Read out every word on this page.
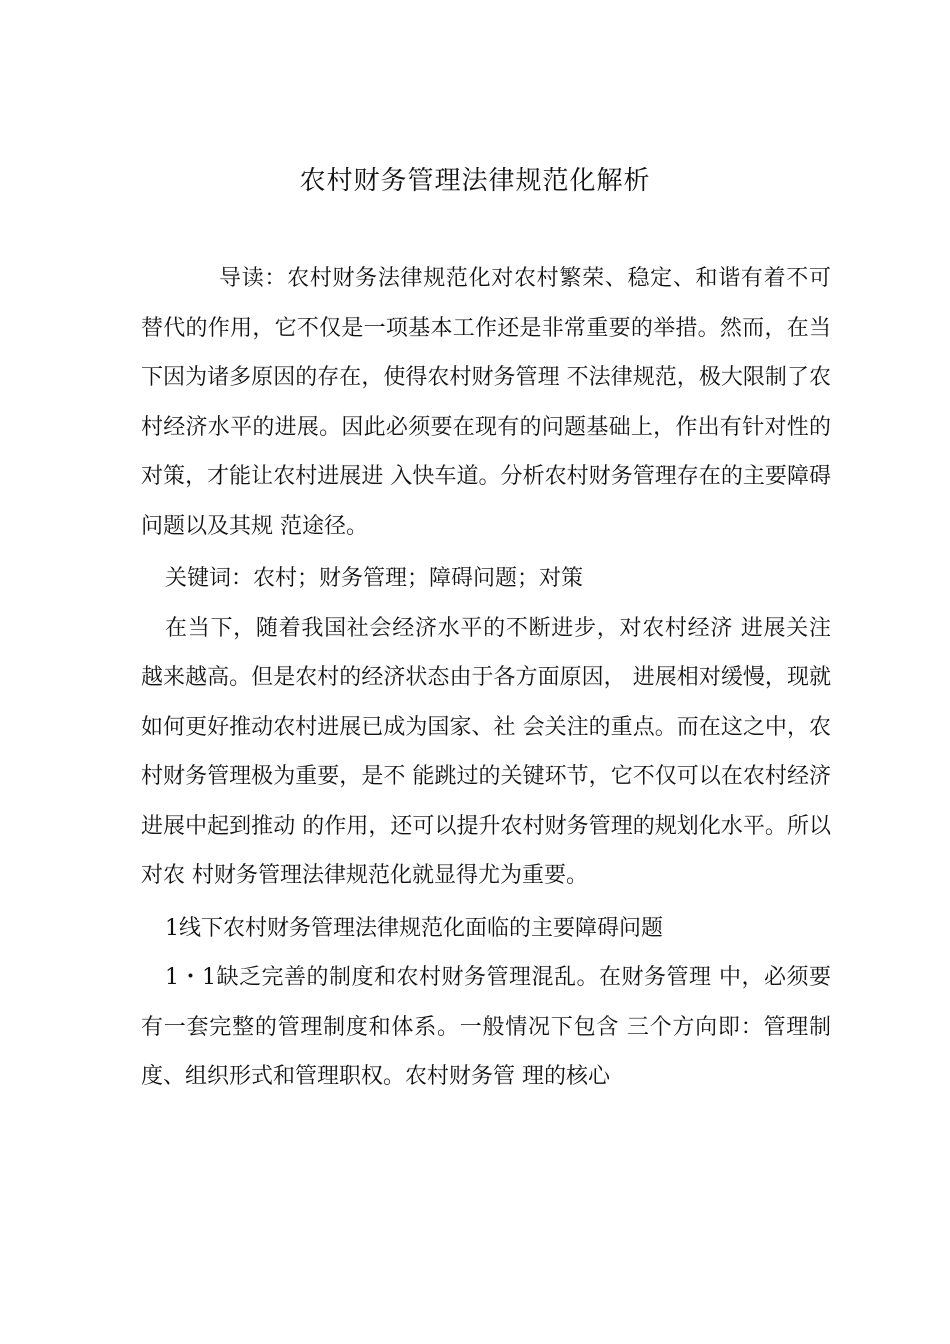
农村财务管理法律规范化解析

导读：农村财务法律规范化对农村繁荣、稳定、和谐有着不可替代的作用，它不仅是一项基本工作还是非常重要的举措。然而，在当下因为诸多原因的存在，使得农村财务管理 不法律规范，极大限制了农村经济水平的进展。因此必须要在现有的问题基础上，作出有针对性的对策，才能让农村进展进 入快车道。分析农村财务管理存在的主要障碍问题以及其规 范途径。

关键词：农村；财务管理；障碍问题；对策

在当下，随着我国社会经济水平的不断进步，对农村经济 进展关注越来越高。但是农村的经济状态由于各方面原因， 进展相对缓慢，现就如何更好推动农村进展已成为国家、社 会关注的重点。而在这之中，农村财务管理极为重要，是不 能跳过的关键环节，它不仅可以在农村经济进展中起到推动 的作用，还可以提升农村财务管理的规划化水平。所以对农 村财务管理法律规范化就显得尤为重要。

1线下农村财务管理法律规范化面临的主要障碍问题

1・1缺乏完善的制度和农村财务管理混乱。在财务管理 中，必须要有一套完整的管理制度和体系。一般情况下包含 三个方向即：管理制度、组织形式和管理职权。农村财务管 理的核心
